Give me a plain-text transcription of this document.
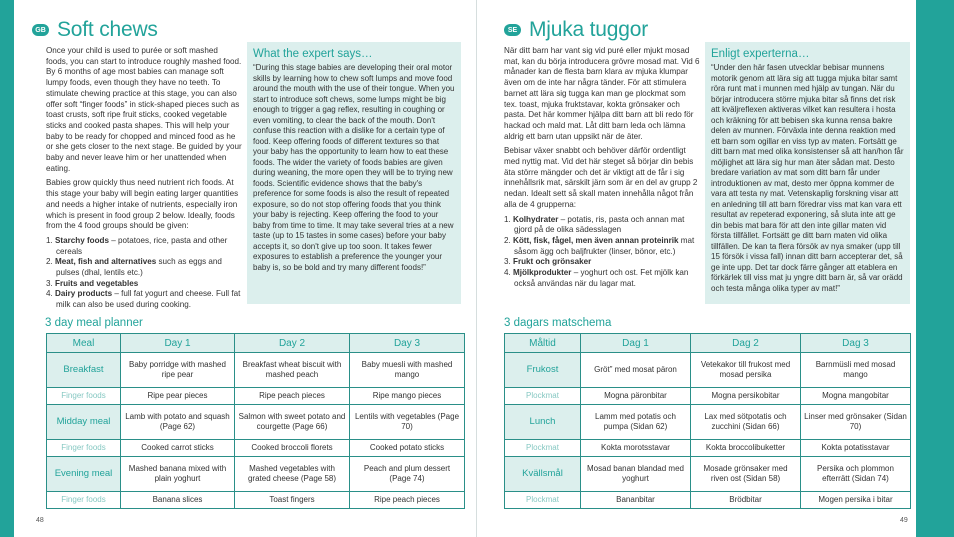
GB Soft chews

Once your child is used to purée or soft mashed foods, you can start to introduce roughly mashed food. By 6 months of age most babies can manage soft lumpy foods, even though they have no teeth. To stimulate chewing practice at this stage, you can also offer soft “finger foods” in stick-shaped pieces such as toast crusts, soft ripe fruit sticks, cooked vegetable sticks and cooked pasta shapes. This will help your baby to be ready for chopped and minced food as he or she gets closer to the next stage. Be guided by your baby and never leave him or her unattended when eating.

Babies grow quickly thus need nutrient rich foods. At this stage your baby will begin eating larger quantities and needs a higher intake of nutrients, especially iron which is present in food group 2 below. Ideally, foods from the 4 food groups should be given:

1. Starchy foods – potatoes, rice, pasta and other cereals
2. Meat, fish and alternatives such as eggs and pulses (dhal, lentils etc.)
3. Fruits and vegetables
4. Dairy products – full fat yogurt and cheese. Full fat milk can also be used during cooking.
What the expert says…
“During this stage babies are developing their oral motor skills by learning how to chew soft lumps and move food around the mouth with the use of their tongue. When you start to introduce soft chews, some lumps might be big enough to trigger a gag reflex, resulting in coughing or even vomiting, to clear the back of the mouth. Don't confuse this reaction with a dislike for a certain type of food. Keep offering foods of different textures so that your baby has the opportunity to learn how to eat these foods. The wider the variety of foods babies are given during weaning, the more open they will be to trying new foods. Scientific evidence shows that the baby's preference for some foods is also the result of repeated exposure, so do not stop offering foods that you think your baby is rejecting. Keep offering the food to your baby from time to time. It may take several tries at a new taste (up to 15 tastes in some cases) before your baby accepts it, so don't give up too soon. It takes fewer exposures to establish a preference the younger your baby is, so be bold and try many different foods!”
3 day meal planner
Meal	Day 1	Day 2	Day 3
Breakfast	Baby porridge with mashed ripe pear	Breakfast wheat biscuit with mashed peach	Baby muesli with mashed mango
Finger foods	Ripe pear pieces	Ripe peach pieces	Ripe mango pieces
Midday meal	Lamb with potato and squash (Page 62)	Salmon with sweet potato and courgette (Page 66)	Lentils with vegetables (Page 70)
Finger foods	Cooked carrot sticks	Cooked broccoli florets	Cooked potato sticks
Evening meal	Mashed banana mixed with plain yoghurt	Mashed vegetables with grated cheese (Page 58)	Peach and plum dessert (Page 74)
Finger foods	Banana slices	Toast fingers	Ripe peach pieces
48
SE Mjuka tuggor

När ditt barn har vant sig vid puré eller mjukt mosad mat, kan du börja introducera grövre mosad mat. Vid 6 månader kan de flesta barn klara av mjuka klumpar även om de inte har några tänder. För att stimulera barnet att lära sig tugga kan man ge plockmat som tex. toast, mjuka fruktstavar, kokta grönsaker och pasta. Det här kommer hjälpa ditt barn att bli redo för hackad och mald mat. Låt ditt barn leda och lämna aldrig ett barn utan uppsikt när de äter.

Bebisar växer snabbt och behöver därför ordentligt med nyttig mat. Vid det här steget så börjar din bebis äta större mängder och det är viktigt att de får i sig innehållsrik mat, särskilt järn som är en del av grupp 2 nedan. Idealt sett så skall maten innehålla något från alla de 4 grupperna:

1. Kolhydrater – potatis, ris, pasta och annan mat gjord på de olika sädesslagen
2. Kött, fisk, fågel, men även annan proteinrik mat såsom ägg och baljfrukter (linser, bönor, etc.)
3. Frukt och grönsaker
4. Mjölkprodukter – yoghurt och ost. Fet mjölk kan också användas när du lagar mat.
Enligt experterna…
“Under den här fasen utvecklar bebisar munnens motorik genom att lära sig att tugga mjuka bitar samt röra runt mat i munnen med hjälp av tungan. När du börjar introducera större mjuka bitar så finns det risk att kväljreflexen aktiveras vilket kan resultera i hosta och kräkning för att bebisen ska kunna rensa bakre delen av munnen. Förväxla inte denna reaktion med ett barn som ogillar en viss typ av maten. Fortsätt ge ditt barn mat med olika konsistenser så att han/hon får möjlighet att lära sig hur man äter sådan mat. Desto bredare variation av mat som ditt barn får under introduktionen av mat, desto mer öppna kommer de vara att testa ny mat. Vetenskaplig forskning visar att en anledning till att barn föredrar viss mat kan vara ett resultat av repeterad exponering, så sluta inte att ge din bebis mat bara för att den inte gillar maten vid första tillfället. Fortsätt ge ditt barn maten vid olika tillfällen. De kan ta flera försök av nya smaker (upp till 15 försök i vissa fall) innan ditt barn accepterar det, så ge inte upp. Det tar dock färre gånger att etablera en förkärlek till viss mat ju yngre ditt barn är, så var orädd och testa många olika typer av mat!”
3 dagars matschema
Måltid	Dag 1	Dag 2	Dag 3
Frukost	Gröt” med mosat päron	Vetekakor till frukost med mosad persika	Barnmüsli med mosad mango
Plockmat	Mogna päronbitar	Mogna persikobitar	Mogna mangobitar
Lunch	Lamm med potatis och pumpa (Sidan 62)	Lax med sötpotatis och zucchini (Sidan 66)	Linser med grönsaker (Sidan 70)
Plockmat	Kokta morotsstavar	Kokta broccolibuketter	Kokta potatisstavar
Kvällsmål	Mosad banan blandad med yoghurt	Mosade grönsaker med riven ost (Sidan 58)	Persika och plommon efterrätt (Sidan 74)
Plockmat	Bananbitar	Brödbitar	Mogen persika i bitar
49
